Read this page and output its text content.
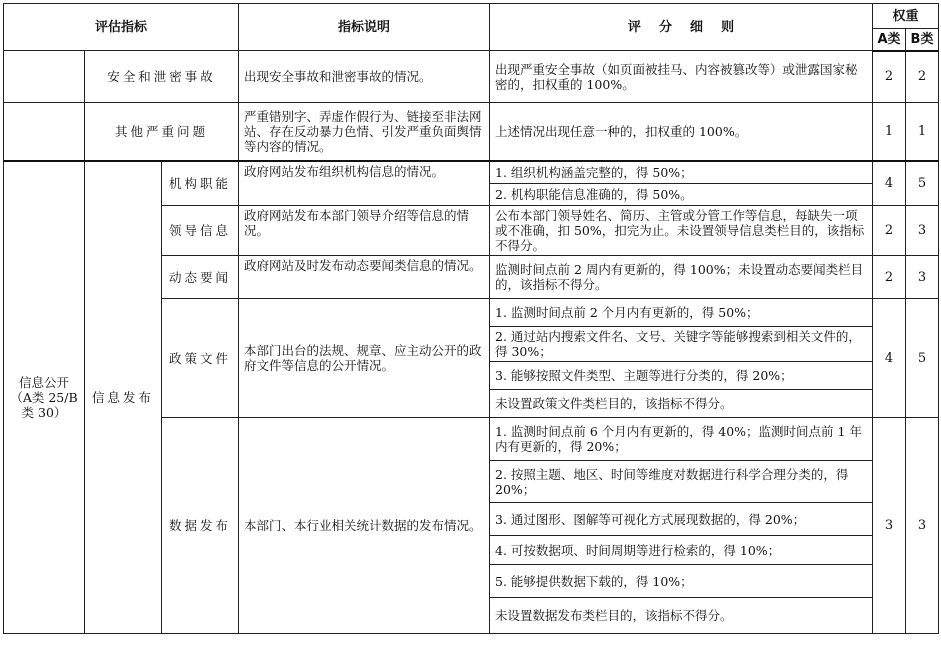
评估指标			指标说明	评    分    细    则	权重	
					A类	B类
	安全和泄密事故		出现安全事故和泄密事故的情况。	出现严重安全事故（如页面被挂马、内容被篡改等）或泄露国家秘密的，扣权重的 100%。	2	2
	其他严重问题		严重错别字、弄虚作假行为、链接至非法网站、存在反动暴力色情、引发严重负面舆情等内容的情况。	上述情况出现任意一种的，扣权重的 100%。	1	1
信息公开（A类 25/B类 30）	信息发布	机构职能	政府网站发布组织机构信息的情况。	1. 组织机构涵盖完整的，得 50%；	4	5
				2. 机构职能信息准确的，得 50%。		
		领导信息	政府网站发布本部门领导介绍等信息的情况。	公布本部门领导姓名、简历、主管或分管工作等信息，每缺失一项或不准确，扣 50%，扣完为止。未设置领导信息类栏目的，该指标不得分。	2	3
		动态要闻	政府网站及时发布动态要闻类信息的情况。	监测时间点前 2 周内有更新的，得 100%；未设置动态要闻类栏目的，该指标不得分。	2	3
		政策文件	本部门出台的法规、规章、应主动公开的政府文件等信息的公开情况。	1. 监测时间点前 2 个月内有更新的，得 50%；	4	5
				2. 通过站内搜索文件名、文号、关键字等能够搜索到相关文件的，得 30%；		
				3. 能够按照文件类型、主题等进行分类的，得 20%；		
				未设置政策文件类栏目的，该指标不得分。		
		数据发布	本部门、本行业相关统计数据的发布情况。	1. 监测时间点前 6 个月内有更新的，得 40%；监测时间点前 1 年内有更新的，得 20%；	3	3
				2. 按照主题、地区、时间等维度对数据进行科学合理分类的，得 20%；		
				3. 通过图形、图解等可视化方式展现数据的，得 20%；		
				4. 可按数据项、时间周期等进行检索的，得 10%；		
				5. 能够提供数据下载的，得 10%；		
				未设置数据发布类栏目的，该指标不得分。		
